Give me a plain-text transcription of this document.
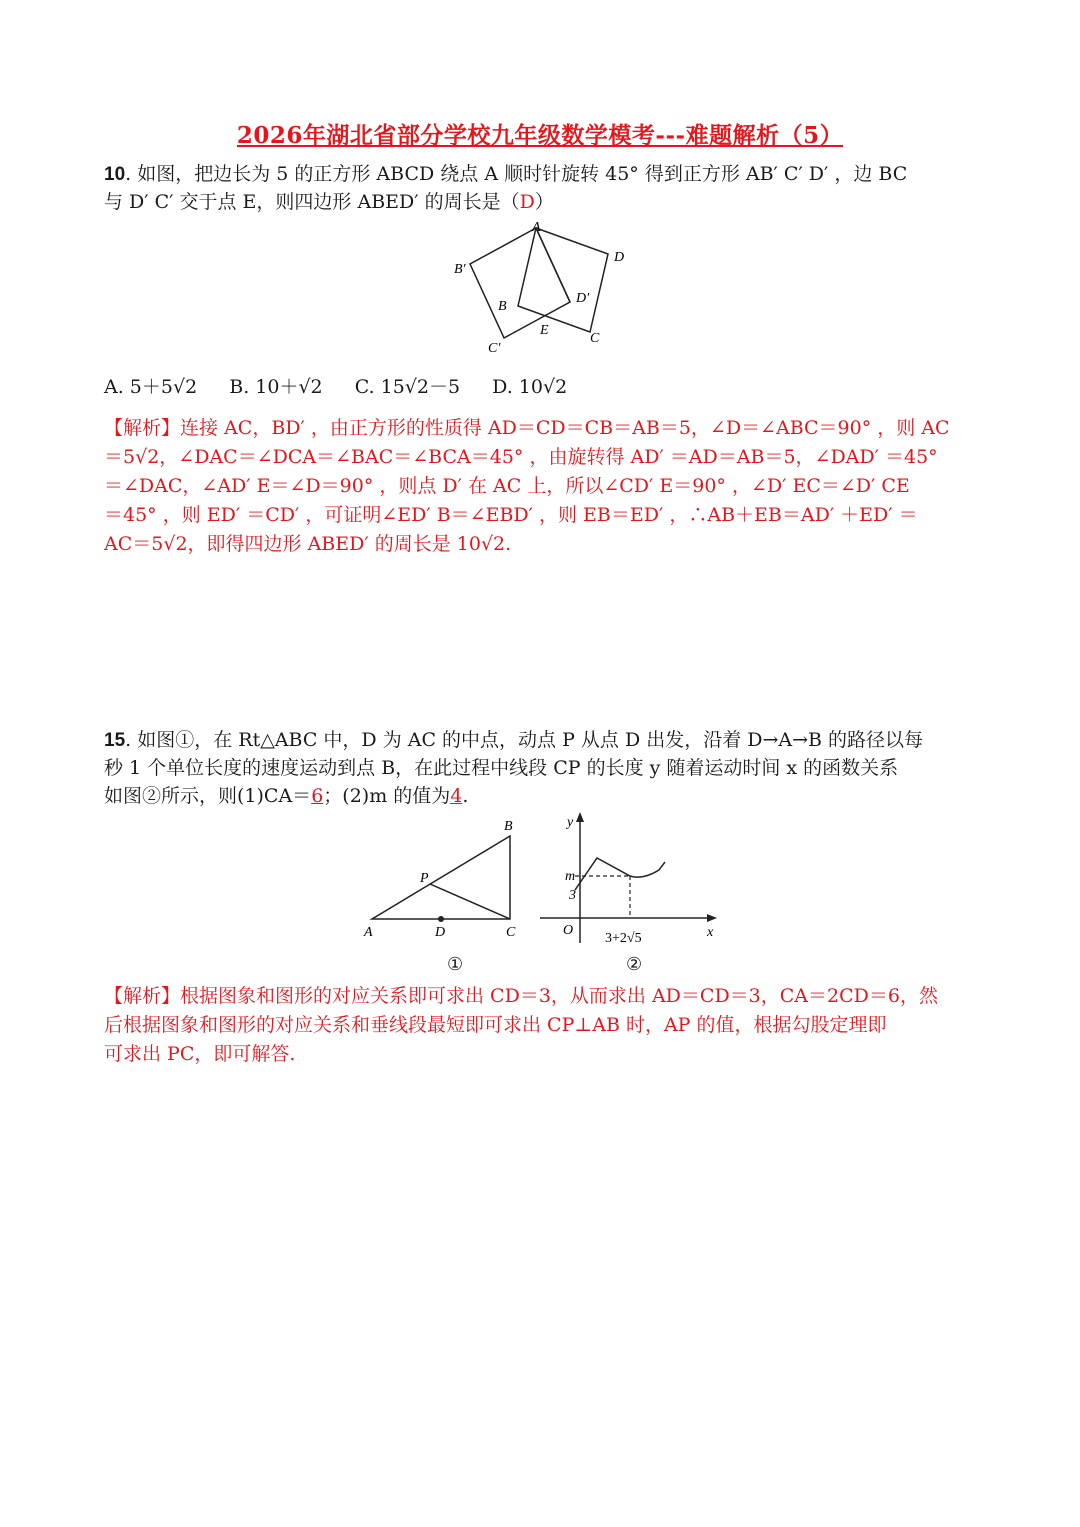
2026年湖北省部分学校九年级数学模考---难题解析（5）

10. 如图，把边长为 5 的正方形 ABCD 绕点 A 顺时针旋转 45° 得到正方形 AB′ C′ D′ ，边 BC

与 D′ C′ 交于点 E，则四边形 ABED′ 的周长是（D）

A
B′
D
B
D′
E
C′
C

A. 5＋5√2 B. 10＋√2 C. 15√2－5 D. 10√2

【解析】连接 AC，BD′ ，由正方形的性质得 AD＝CD＝CB＝AB＝5，∠D＝∠ABC＝90° ，则 AC
＝5√2，∠DAC＝∠DCA＝∠BAC＝∠BCA＝45° ，由旋转得 AD′ ＝AD＝AB＝5，∠DAD′ ＝45°
＝∠DAC，∠AD′ E＝∠D＝90° ，则点 D′ 在 AC 上，所以∠CD′ E＝90° ，∠D′ EC＝∠D′ CE
＝45° ，则 ED′ ＝CD′ ，可证明∠ED′ B＝∠EBD′ ，则 EB＝ED′ ，∴AB＋EB＝AD′ ＋ED′ ＝
AC＝5√2，即得四边形 ABED′ 的周长是 10√2.

15. 如图①，在 Rt△ABC 中，D 为 AC 的中点，动点 P 从点 D 出发，沿着 D→A→B 的路径以每

秒 1 个单位长度的速度运动到点 B，在此过程中线段 CP 的长度 y 随着运动时间 x 的函数关系

如图②所示，则(1)CA＝6；(2)m 的值为4.

B
P
A	D	C
y
m
3
O
3+2√5	x
①	②
【解析】根据图象和图形的对应关系即可求出 CD＝3，从而求出 AD＝CD＝3，CA＝2CD＝6，然
后根据图象和图形的对应关系和垂线段最短即可求出 CP⊥AB 时，AP 的值，根据勾股定理即
可求出 PC，即可解答.
